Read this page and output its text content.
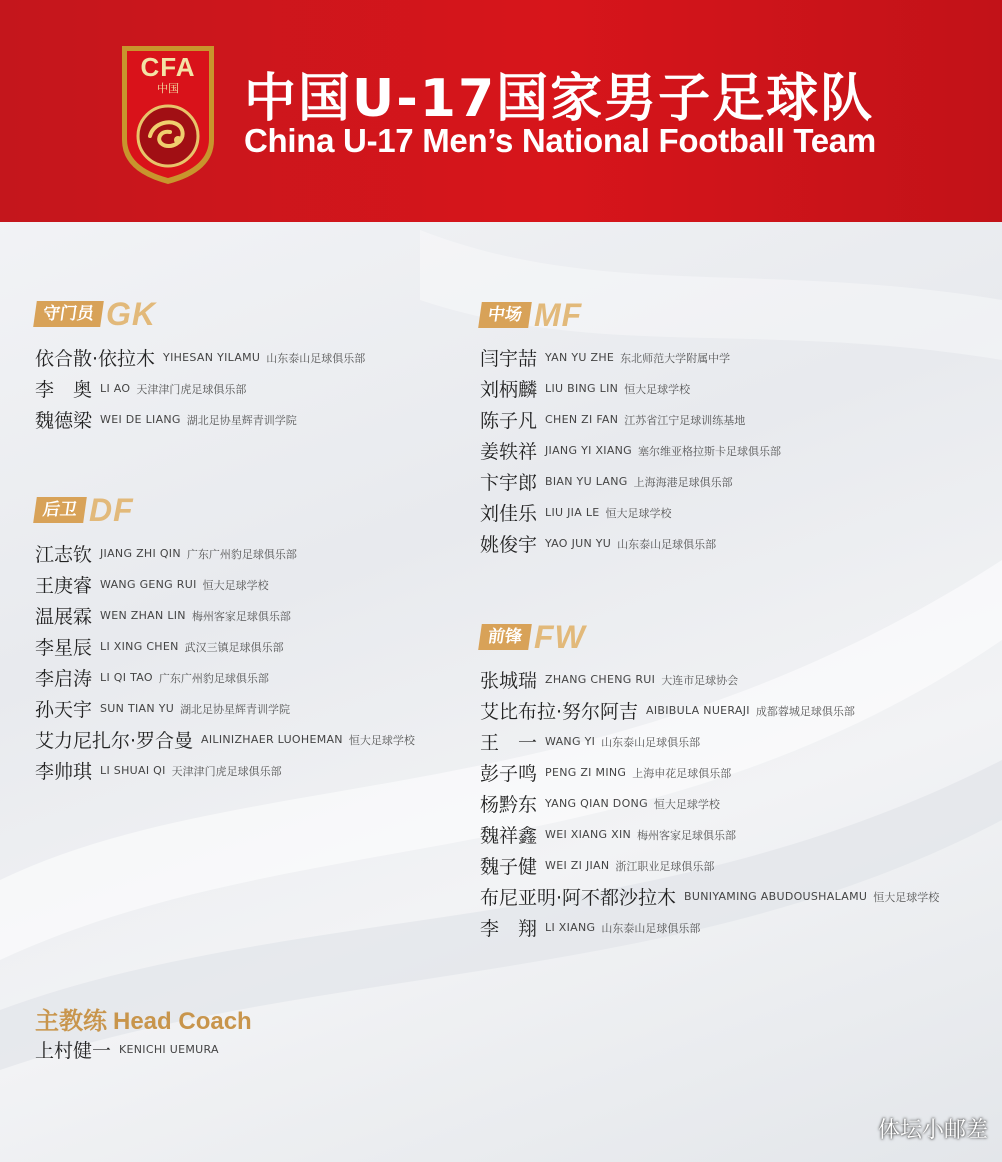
CFA
中国 中国U-17国家男子足球队
China U-17 Men’s National Football Team
守门员 GK
依合散·依拉木 YIHESAN YILAMU 山东泰山足球俱乐部
李　奥 LI AO 天津津门虎足球俱乐部
魏德梁 WEI DE LIANG 湖北足协星辉青训学院
后卫 DF
江志钦 JIANG ZHI QIN 广东广州豹足球俱乐部
王庚睿 WANG GENG RUI 恒大足球学校
温展霖 WEN ZHAN LIN 梅州客家足球俱乐部
李星辰 LI XING CHEN 武汉三镇足球俱乐部
李启涛 LI QI TAO 广东广州豹足球俱乐部
孙天宇 SUN TIAN YU 湖北足协星辉青训学院
艾力尼扎尔·罗合曼 AILINIZHAER LUOHEMAN 恒大足球学校
李帅琪 LI SHUAI QI 天津津门虎足球俱乐部
中场 MF
闫宇喆 YAN YU ZHE 东北师范大学附属中学
刘柄麟 LIU BING LIN 恒大足球学校
陈子凡 CHEN ZI FAN 江苏省江宁足球训练基地
姜轶祥 JIANG YI XIANG 塞尔维亚格拉斯卡足球俱乐部
卞宇郎 BIAN YU LANG 上海海港足球俱乐部
刘佳乐 LIU JIA LE 恒大足球学校
姚俊宇 YAO JUN YU 山东泰山足球俱乐部
前锋 FW
张城瑞 ZHANG CHENG RUI 大连市足球协会
艾比布拉·努尔阿吉 AIBIBULA NUERAJI 成都蓉城足球俱乐部
王　一 WANG YI 山东泰山足球俱乐部
彭子鸣 PENG ZI MING 上海申花足球俱乐部
杨黔东 YANG QIAN DONG 恒大足球学校
魏祥鑫 WEI XIANG XIN 梅州客家足球俱乐部
魏子健 WEI ZI JIAN 浙江职业足球俱乐部
布尼亚明·阿不都沙拉木 BUNIYAMING ABUDOUSHALAMU 恒大足球学校
李　翔 LI XIANG 山东泰山足球俱乐部
主教练 Head Coach
上村健一 KENICHI UEMURA
体坛小邮差
